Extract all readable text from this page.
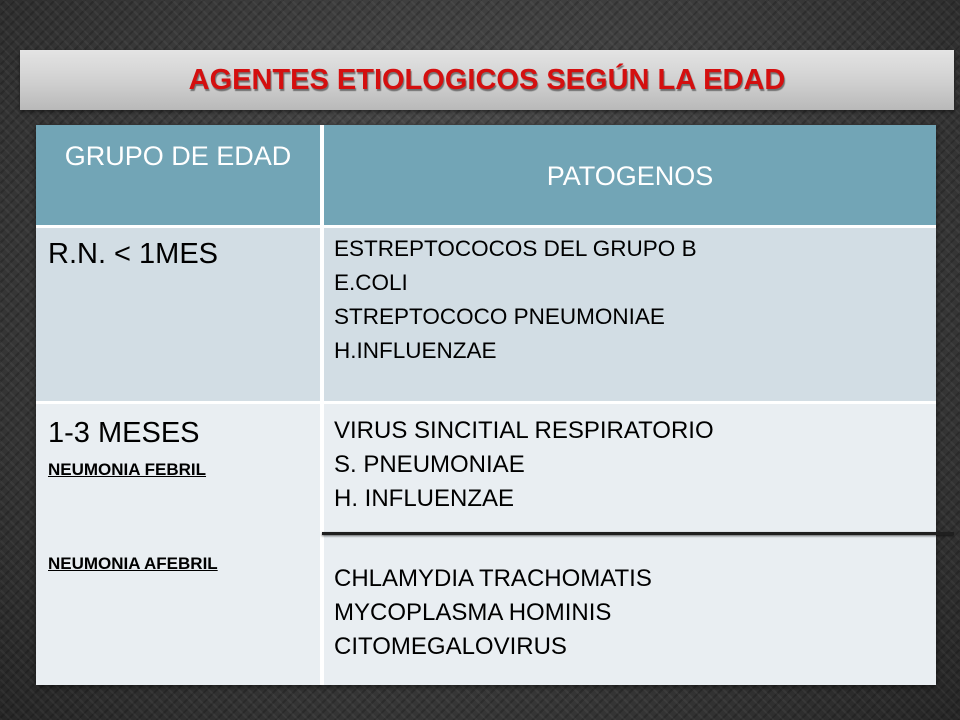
AGENTES ETIOLOGICOS SEGÚN LA EDAD
GRUPO DE EDAD
PATOGENOS
R.N. < 1MES	ESTREPTOCOCOS DEL GRUPO B
E.COLI
STREPTOCOCO PNEUMONIAE
H.INFLUENZAE
1-3 MESES
NEUMONIA FEBRIL
NEUMONIA AFEBRIL
VIRUS SINCITIAL RESPIRATORIO
S. PNEUMONIAE
H. INFLUENZAE
CHLAMYDIA TRACHOMATIS
MYCOPLASMA HOMINIS
CITOMEGALOVIRUS
